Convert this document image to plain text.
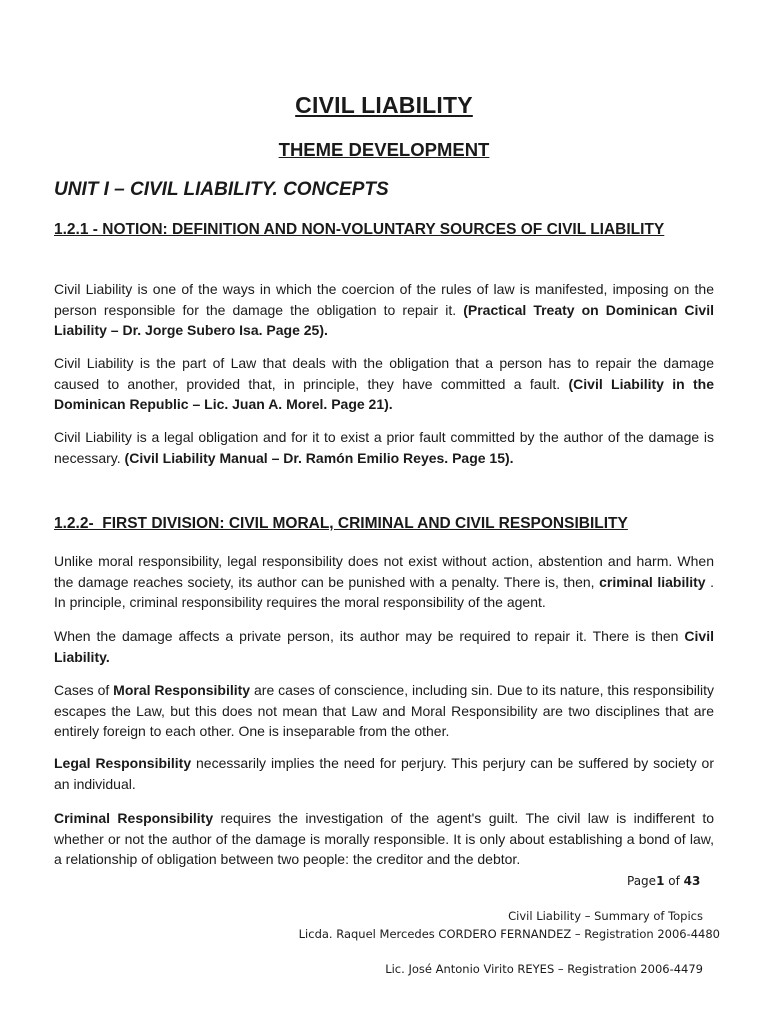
CIVIL LIABILITY
THEME DEVELOPMENT
UNIT I – CIVIL LIABILITY. CONCEPTS
1.2.1 - NOTION: DEFINITION AND NON-VOLUNTARY SOURCES OF CIVIL LIABILITY

Civil Liability is one of the ways in which the coercion of the rules of law is manifested, imposing on the person responsible for the damage the obligation to repair it. (Practical Treaty on Dominican Civil Liability – Dr. Jorge Subero Isa. Page 25).

Civil Liability is the part of Law that deals with the obligation that a person has to repair the damage caused to another, provided that, in principle, they have committed a fault. (Civil Liability in the Dominican Republic – Lic. Juan A. Morel. Page 21).

Civil Liability is a legal obligation and for it to exist a prior fault committed by the author of the damage is necessary. (Civil Liability Manual – Dr. Ramón Emilio Reyes. Page 15).

1.2.2-  FIRST DIVISION: CIVIL MORAL, CRIMINAL AND CIVIL RESPONSIBILITY

Unlike moral responsibility, legal responsibility does not exist without action, abstention and harm. When the damage reaches society, its author can be punished with a penalty. There is, then, criminal liability . In principle, criminal responsibility requires the moral responsibility of the agent.

When the damage affects a private person, its author may be required to repair it. There is then Civil Liability.

Cases of Moral Responsibility are cases of conscience, including sin. Due to its nature, this responsibility escapes the Law, but this does not mean that Law and Moral Responsibility are two disciplines that are entirely foreign to each other. One is inseparable from the other.

Legal Responsibility necessarily implies the need for perjury. This perjury can be suffered by society or an individual.

Criminal Responsibility requires the investigation of the agent's guilt. The civil law is indifferent to whether or not the author of the damage is morally responsible. It is only about establishing a bond of law, a relationship of obligation between two people: the creditor and the debtor.

Page1 of 43
Civil Liability – Summary of Topics
Licda. Raquel Mercedes CORDERO FERNANDEZ – Registration 2006-4480
Lic. José Antonio Virito REYES – Registration 2006-4479
